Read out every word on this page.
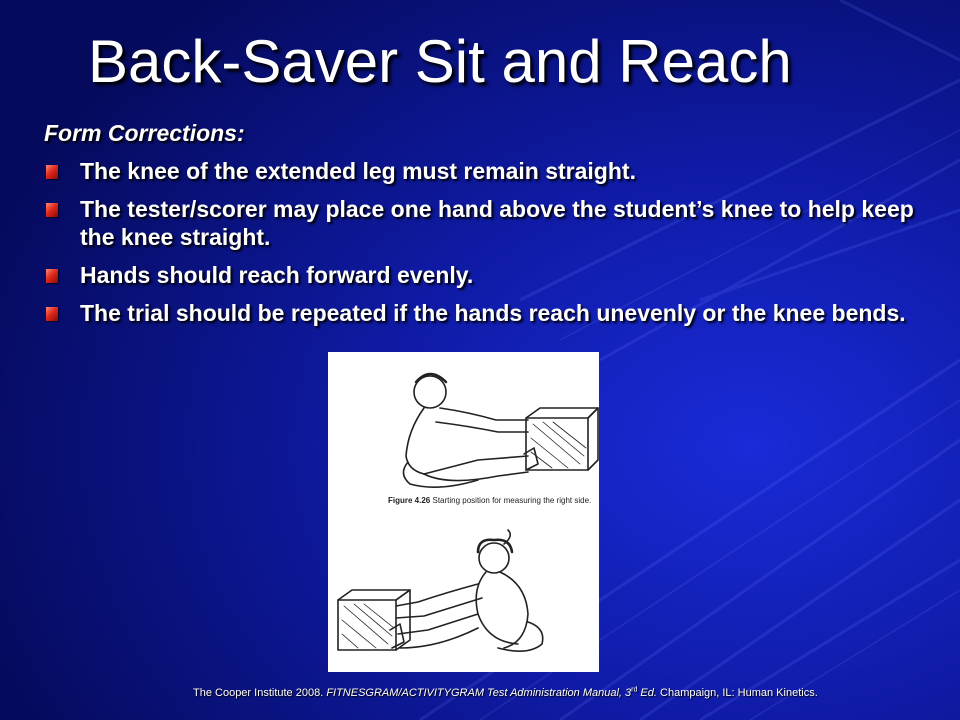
Back-Saver Sit and Reach
Form Corrections:
The knee of the extended leg must remain straight.
The tester/scorer may place one hand above the student’s knee to help keep the knee straight.
Hands should reach forward evenly.
The trial should be repeated if the hands reach unevenly or the knee bends.
Figure 4.26 Starting position for measuring the right side.
The Cooper Institute 2008. FITNESGRAM/ACTIVITYGRAM Test Administration Manual, 3rd Ed. Champaign, IL: Human Kinetics.
